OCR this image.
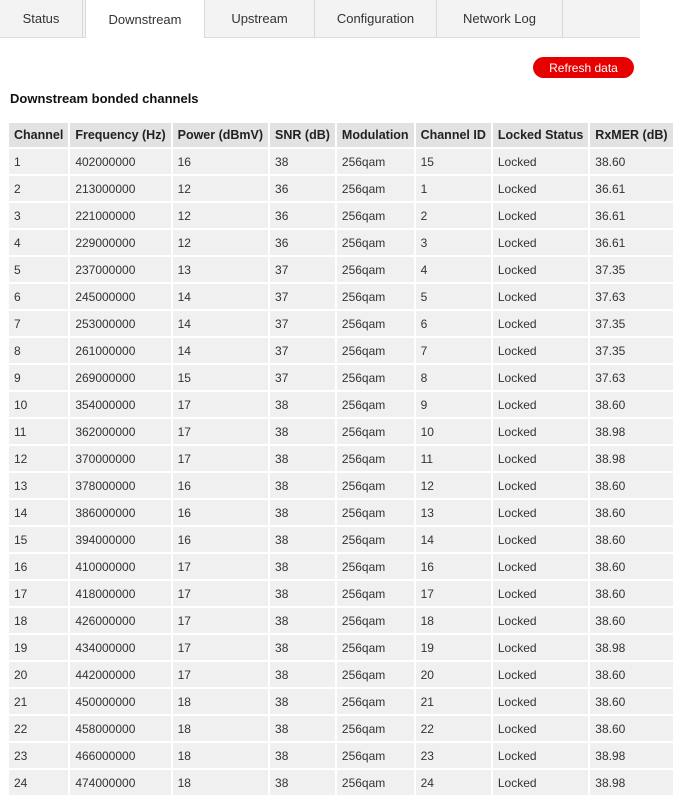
Status	Downstream	Upstream	Configuration	Network Log
Refresh data
Downstream bonded channels
Channel	Frequency (Hz)	Power (dBmV)	SNR (dB)	Modulation	Channel ID	Locked Status	RxMER (dB)
1	402000000	16	38	256qam	15	Locked	38.60
2	213000000	12	36	256qam	1	Locked	36.61
3	221000000	12	36	256qam	2	Locked	36.61
4	229000000	12	36	256qam	3	Locked	36.61
5	237000000	13	37	256qam	4	Locked	37.35
6	245000000	14	37	256qam	5	Locked	37.63
7	253000000	14	37	256qam	6	Locked	37.35
8	261000000	14	37	256qam	7	Locked	37.35
9	269000000	15	37	256qam	8	Locked	37.63
10	354000000	17	38	256qam	9	Locked	38.60
11	362000000	17	38	256qam	10	Locked	38.98
12	370000000	17	38	256qam	11	Locked	38.98
13	378000000	16	38	256qam	12	Locked	38.60
14	386000000	16	38	256qam	13	Locked	38.60
15	394000000	16	38	256qam	14	Locked	38.60
16	410000000	17	38	256qam	16	Locked	38.60
17	418000000	17	38	256qam	17	Locked	38.60
18	426000000	17	38	256qam	18	Locked	38.60
19	434000000	17	38	256qam	19	Locked	38.98
20	442000000	17	38	256qam	20	Locked	38.60
21	450000000	18	38	256qam	21	Locked	38.60
22	458000000	18	38	256qam	22	Locked	38.60
23	466000000	18	38	256qam	23	Locked	38.98
24	474000000	18	38	256qam	24	Locked	38.98
